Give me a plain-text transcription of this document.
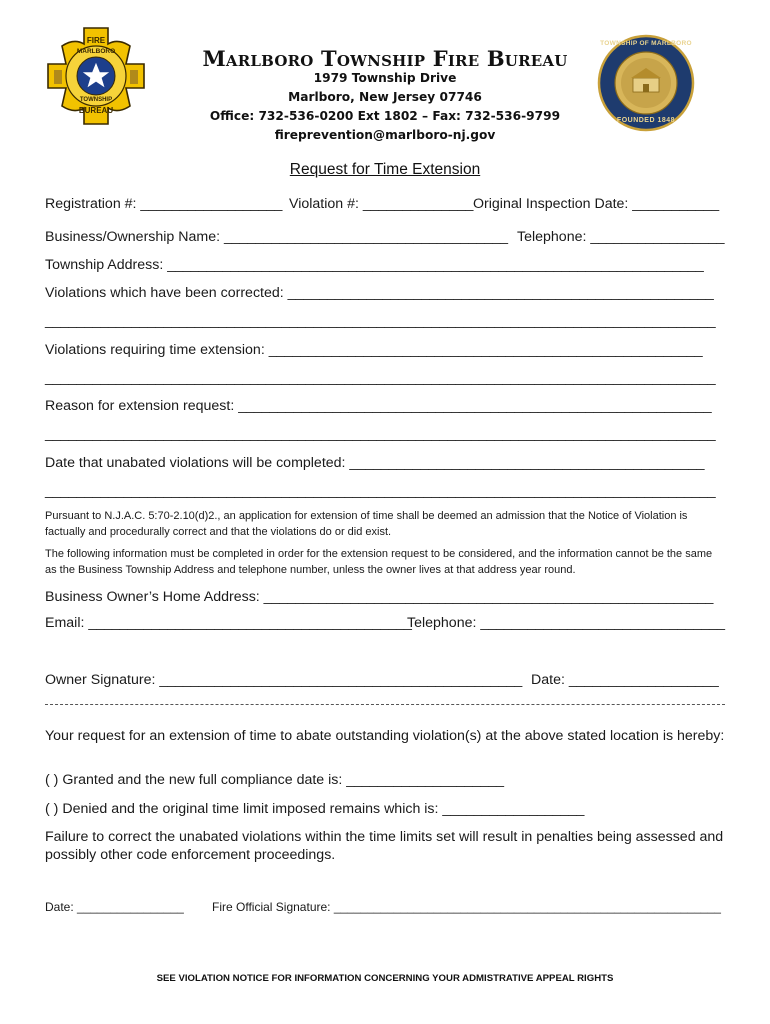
FIRE
MARLBORO
TOWNSHIP
BUREAU
TOWNSHIP OF MARLBORO
FOUNDED 1848
Marlboro Township Fire Bureau
1979 Township Drive
Marlboro, New Jersey 07746
Office: 732-536-0200 Ext 1802 – Fax: 732-536-9799
fireprevention@marlboro-nj.gov
Request for Time Extension
Registration #: __________________ Violation #: ______________ Original Inspection Date: ___________
Business/Ownership Name: ____________________________________ Telephone: _________________
Township Address: ____________________________________________________________________
Violations which have been corrected: ______________________________________________________
_____________________________________________________________________________________
Violations requiring time extension: _______________________________________________________
_____________________________________________________________________________________
Reason for extension request: ____________________________________________________________
_____________________________________________________________________________________
Date that unabated violations will be completed: _____________________________________________
_____________________________________________________________________________________
Pursuant to N.J.A.C. 5:70-2.10(d)2., an application for extension of time shall be deemed an admission that the Notice of Violation is factually and procedurally correct and that the violations do or did exist.
The following information must be completed in order for the extension request to be considered, and the information cannot be the same as the Business Township Address and telephone number, unless the owner lives at that address year round.
Business Owner’s Home Address: _________________________________________________________
Email: _________________________________________
Telephone: _______________________________
Owner Signature: ______________________________________________ Date: ___________________
Your request for an extension of time to abate outstanding violation(s) at the above stated location is hereby:
( ) Granted and the new full compliance date is: ____________________
( ) Denied and the original time limit imposed remains which is: __________________
Failure to correct the unabated violations within the time limits set will result in penalties being assessed and possibly other code enforcement proceedings.
Date: ________________ Fire Official Signature: __________________________________________________________
SEE VIOLATION NOTICE FOR INFORMATION CONCERNING YOUR ADMISTRATIVE APPEAL RIGHTS
